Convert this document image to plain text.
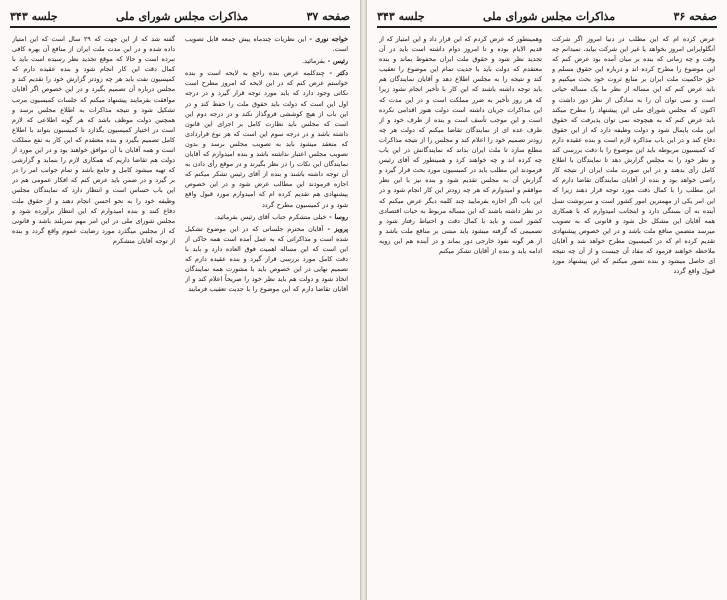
صفحه ۳۷
مذاکرات مجلس شورای ملی
جلسه ۳۴۳

خواجه نوری - این نظریات چندماه پیش جمعه قابل تصویب است.

رئیس - بفرمائید.

دکتر - چندکلمه عرض بنده راجع به لایحه است و بنده خواستم عرض کنم که در این لایحه که امروز مطرح است نکاتی وجود دارد که باید مورد توجه قرار گیرد و در درجه اول این است که دولت باید حقوق ملت را حفظ کند و در این باب از هیچ کوششی فروگذار نکند و در درجه دوم این است که مجلس باید نظارت کامل بر اجرای این قانون داشته باشد و در درجه سوم این است که هر نوع قراردادی که منعقد میشود باید به تصویب مجلس برسد و بدون تصویب مجلس اعتبار نداشته باشد و بنده امیدوارم که آقایان نمایندگان این نکات را در نظر بگیرند و در موقع رأی دادن به آن توجه داشته باشند و بنده از آقای رئیس تشکر میکنم که اجازه فرمودند این مطالب عرض شود و در این خصوص پیشنهادی هم تقدیم کرده ام که امیدوارم مورد قبول واقع شود و در کمیسیون مطرح گردد

روسا - خیلی متشکرم جناب آقای رئیس بفرمائید.

پرویز - آقایان محترم جلساتی که در این موضوع تشکیل شده است و مذاکراتی که به عمل آمده است همه حاکی از این است که این مساله اهمیت فوق العاده دارد و باید با دقت کامل مورد بررسی قرار گیرد و بنده عقیده دارم که تصمیم نهایی در این خصوص باید با مشورت همه نمایندگان اتخاذ شود و دولت هم باید نظر خود را صریحاً اعلام کند و از آقایان تقاضا دارم که این موضوع را با جدیت تعقیب فرمایند

گفته شد که از این جهت که ۲۹ سال است که این امتیاز داده شده و در این مدت ملت ایران از منافع آن بهره کافی نبرده است و حالا که موقع تجدید نظر رسیده است باید با کمال دقت این کار انجام شود و بنده عقیده دارم که کمیسیون نفت باید هر چه زودتر گزارش خود را تقدیم کند و مجلس درباره آن تصمیم بگیرد و در این خصوص اگر آقایان موافقت بفرمایند پیشنهاد میکنم که جلسات کمیسیون مرتب تشکیل شود و نتیجه مذاکرات به اطلاع مجلس برسد و همچنین دولت موظف باشد که هر گونه اطلاعی که لازم است در اختیار کمیسیون بگذارد تا کمیسیون بتواند با اطلاع کامل تصمیم بگیرد و بنده معتقدم که این کار به نفع مملکت است و همه آقایان با آن موافق خواهند بود و در این مورد از دولت هم تقاضا داریم که همکاری لازم را بنماید و گزارشی که تهیه میشود کامل و جامع باشد و تمام جوانب امر را در بر گیرد و در ضمن باید عرض کنم که افکار عمومی هم در این باب حساس است و انتظار دارد که نمایندگان مجلس وظیفه خود را به نحو احسن انجام دهند و از حقوق ملت دفاع کنند و بنده امیدوارم که این انتظار برآورده شود و مجلس شورای ملی در این امر مهم سربلند باشد و قانونی که از مجلس میگذرد مورد رضایت عموم واقع گردد و بنده از توجه آقایان متشکرم

صفحه ۳۶
مذاکرات مجلس شورای ملی
جلسه ۳۴۳

عرض کرده ام که این مطلب در دنیا امروز اگر شرکت آنگلوایرانی امروز بخواهد یا غیر این شرکت بیاید، نمیدانم چه وقت و چه زمانی که بنده بر میان آمده بود عرض کنم که این موضوع را مطرح کرده اند و درباره این حقوق مسلم و حق حاکمیت ملت ایران بر منابع ثروت خود بحث میکنیم و باید عرض کنم که این مساله از نظر ما یک مساله حیاتی است و نمی توان آن را به سادگی از نظر دور داشت و اکنون که مجلس شورای ملی این پیشنهاد را مطرح میکند باید عرض کنم که به هیچوجه نمی توان پذیرفت که حقوق این ملت پایمال شود و دولت وظیفه دارد که از این حقوق دفاع کند و در این باب مذاکره لازم است و بنده عقیده دارم که کمیسیون مربوطه باید این موضوع را با دقت بررسی کند و نظر خود را به مجلس گزارش دهد تا نمایندگان با اطلاع کامل رأی بدهند و در این صورت ملت ایران از نتیجه کار راضی خواهد بود و بنده از آقایان نمایندگان تقاضا دارم که این مطلب را با کمال دقت مورد توجه قرار دهند زیرا که این امر یکی از مهمترین امور کشور است و سرنوشت نسل آینده به آن بستگی دارد و اینجانب امیدوارم که با همکاری همه آقایان این مشکل حل شود و قانونی که به تصویب میرسد متضمن منافع ملت باشد و در این خصوص پیشنهادی تقدیم کرده ام که در کمیسیون مطرح خواهد شد و آقایان ملاحظه خواهند فرمود که مفاد آن چیست و از آن چه نتیجه ای حاصل میشود و بنده تصور میکنم که این پیشنهاد مورد قبول واقع گردد

وهمینطور که عرض کردم که این قرار داد و این امتیاز که از قدیم الایام بوده و تا امروز دوام داشته است باید در آن تجدید نظر شود و حقوق ملت ایران محفوظ بماند و بنده معتقدم که دولت باید با جدیت تمام این موضوع را تعقیب کند و نتیجه را به مجلس اطلاع دهد و آقایان نمایندگان هم باید توجه داشته باشند که این کار با تأخیر انجام نشود زیرا که هر روز تأخیر به ضرر مملکت است و در این مدت که این مذاکرات جریان داشته است دولت هنوز اقدامی نکرده است و این موجب تأسف است و بنده از طرف خود و از طرف عده ای از نمایندگان تقاضا میکنم که دولت هر چه زودتر تصمیم خود را اعلام کند و مجلس را از نتیجه مذاکرات مطلع سازد تا ملت ایران بداند که نمایندگانش در این باب چه کرده اند و چه خواهند کرد و همینطور که آقای رئیس فرمودند این مطلب باید در کمیسیون مورد بحث قرار گیرد و گزارش آن به مجلس تقدیم شود و بنده نیز با این نظر موافقم و امیدوارم که هر چه زودتر این کار انجام شود و در این باب اگر اجازه بفرمایید چند کلمه دیگر عرض میکنم که در نظر داشته باشند که این مساله مربوط به حیات اقتصادی کشور است و باید با کمال دقت و احتیاط رفتار شود و تصمیمی که گرفته میشود باید مبتنی بر منافع ملت باشد و از هر گونه نفوذ خارجی دور بماند و در آینده هم این رویه ادامه یابد و بنده از آقایان تشکر میکنم
